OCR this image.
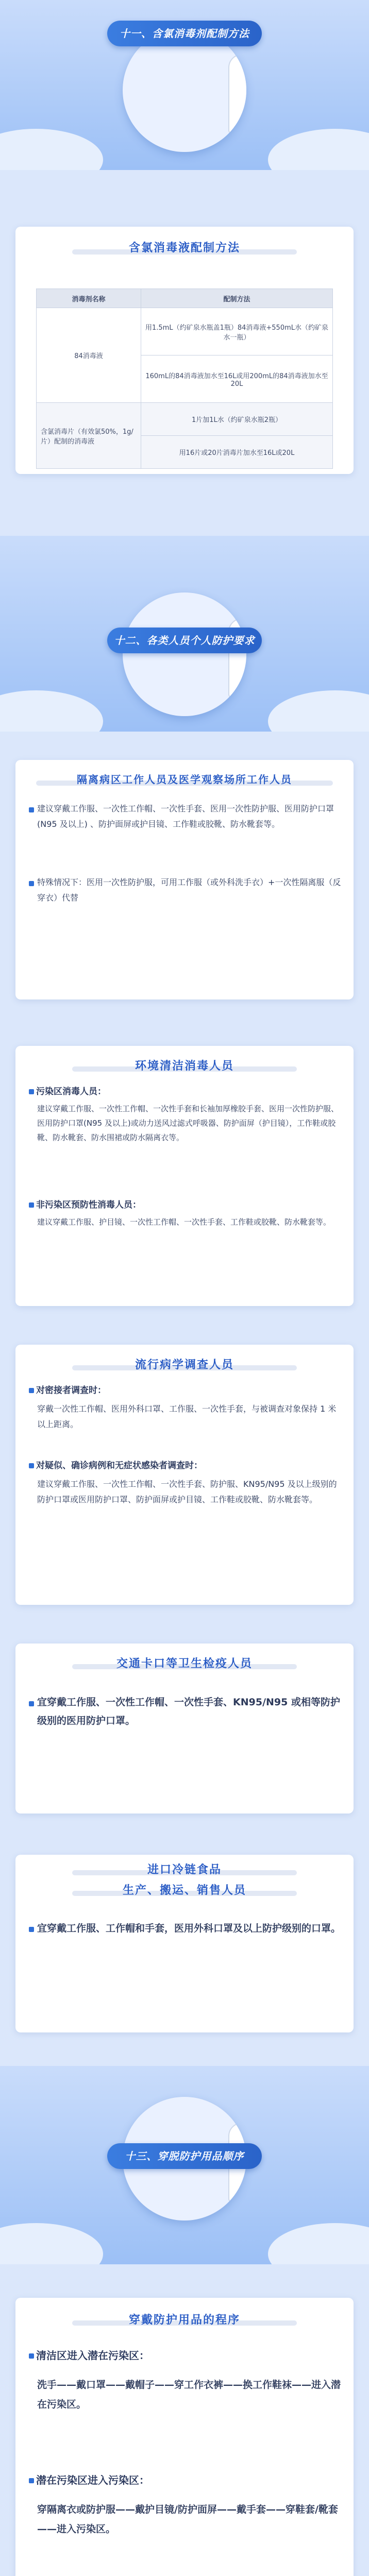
十一、含氯消毒剂配制方法
含氯消毒液配制方法
消毒剂名称	配制方法
84消毒液	用1.5mL（约矿泉水瓶盖1瓶）84消毒液+550mL水（约矿泉水一瓶）
	160mL的84消毒液加水至16L或用200mL的84消毒液加水至20L
含氯消毒片（有效氯50%，1g/片）配制的消毒液	1片加1L水（约矿泉水瓶2瓶）
	用16片或20片消毒片加水至16L或20L
十二、各类人员个人防护要求
隔离病区工作人员及医学观察场所工作人员
建议穿戴工作服、一次性工作帽、一次性手套、医用一次性防护服、医用防护口罩(N95 及以上) 、防护面屏或护目镜、工作鞋或胶靴、防水靴套等。
特殊情况下：医用一次性防护服，可用工作服（或外科洗手衣）+一次性隔离服（反穿衣）代替
环境清洁消毒人员
污染区消毒人员：
建议穿戴工作服、一次性工作帽、一次性手套和长袖加厚橡胶手套、医用一次性防护服、医用防护口罩(N95 及以上)或动力送风过滤式呼吸器、防护面屏（护目镜），工作鞋或胶靴、防水靴套、防水围裙或防水隔离衣等。
非污染区预防性消毒人员：
建议穿戴工作服、护目镜、一次性工作帽、一次性手套、工作鞋或胶靴、防水靴套等。
流行病学调查人员
对密接者调查时：
穿戴一次性工作帽、医用外科口罩、工作服、一次性手套，与被调查对象保持 1 米以上距离。
对疑似、确诊病例和无症状感染者调查时：
建议穿戴工作服、一次性工作帽、一次性手套、防护服、KN95/N95 及以上级别的防护口罩或医用防护口罩、防护面屏或护目镜、工作鞋或胶靴、防水靴套等。
交通卡口等卫生检疫人员
宜穿戴工作服、一次性工作帽、一次性手套、KN95/N95 或相等防护级别的医用防护口罩。
进口冷链食品
生产、搬运、销售人员
宜穿戴工作服、工作帽和手套，医用外科口罩及以上防护级别的口罩。
十三、穿脱防护用品顺序
穿戴防护用品的程序
清洁区进入潜在污染区：
洗手——戴口罩——戴帽子——穿工作衣裤——换工作鞋袜——进入潜在污染区。
潜在污染区进入污染区：
穿隔离衣或防护服——戴护目镜/防护面屏——戴手套——穿鞋套/靴套——进入污染区。
